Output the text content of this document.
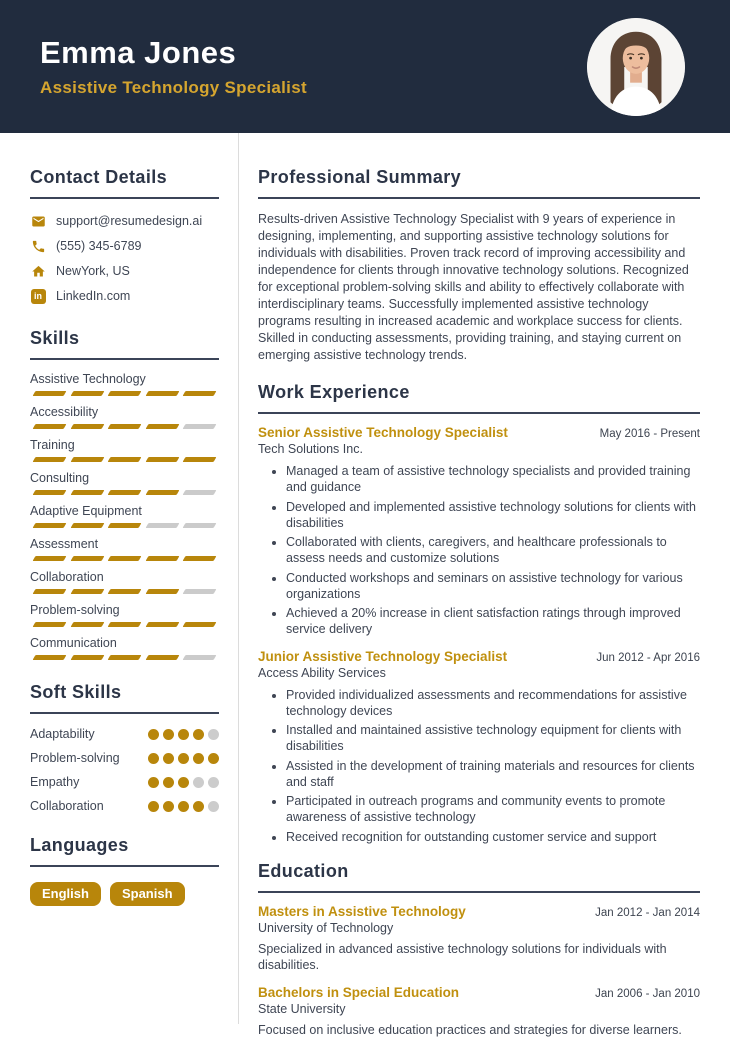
Emma Jones
Assistive Technology Specialist
Contact Details
support@resumedesign.ai
(555) 345-6789
NewYork, US
in LinkedIn.com
Skills
Assistive Technology
Accessibility
Training
Consulting
Adaptive Equipment
Assessment
Collaboration
Problem-solving
Communication
Soft Skills
Adaptability
Problem-solving
Empathy
Collaboration
Languages
English	Spanish
Professional Summary

Results-driven Assistive Technology Specialist with 9 years of experience in designing, implementing, and supporting assistive technology solutions for individuals with disabilities. Proven track record of improving accessibility and independence for clients through innovative technology solutions. Recognized for exceptional problem-solving skills and ability to effectively collaborate with interdisciplinary teams. Successfully implemented assistive technology programs resulting in increased academic and workplace success for clients. Skilled in conducting assessments, providing training, and staying current on emerging assistive technology trends.

Work Experience
Senior Assistive Technology Specialist	May 2016 - Present
Tech Solutions Inc.
• Managed a team of assistive technology specialists and provided training and guidance
• Developed and implemented assistive technology solutions for clients with disabilities
• Collaborated with clients, caregivers, and healthcare professionals to assess needs and customize solutions
• Conducted workshops and seminars on assistive technology for various organizations
• Achieved a 20% increase in client satisfaction ratings through improved service delivery
Junior Assistive Technology Specialist	Jun 2012 - Apr 2016
Access Ability Services
• Provided individualized assessments and recommendations for assistive technology devices
• Installed and maintained assistive technology equipment for clients with disabilities
• Assisted in the development of training materials and resources for clients and staff
• Participated in outreach programs and community events to promote awareness of assistive technology
• Received recognition for outstanding customer service and support
Education
Masters in Assistive Technology	Jan 2012 - Jan 2014
University of Technology
Specialized in advanced assistive technology solutions for individuals with disabilities.
Bachelors in Special Education	Jan 2006 - Jan 2010
State University
Focused on inclusive education practices and strategies for diverse learners.
